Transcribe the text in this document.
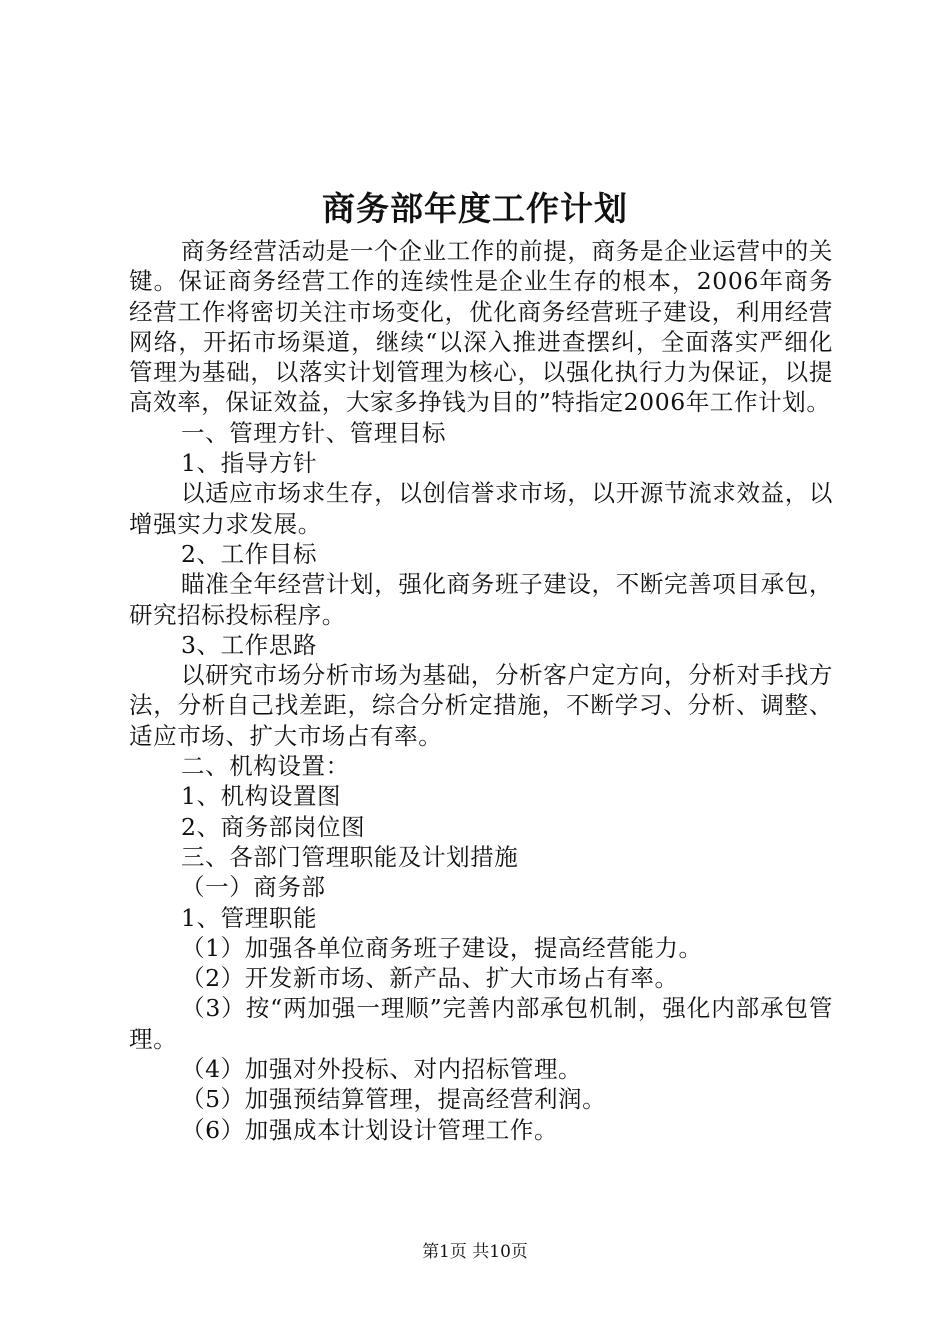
商务部年度工作计划

商务经营活动是一个企业工作的前提，商务是企业运营中的关键。保证商务经营工作的连续性是企业生存的根本，2006年商务经营工作将密切关注市场变化，优化商务经营班子建设，利用经营网络，开拓市场渠道，继续“以深入推进查摆纠，全面落实严细化管理为基础，以落实计划管理为核心，以强化执行力为保证，以提高效率，保证效益，大家多挣钱为目的”特指定2006年工作计划。

一、管理方针、管理目标

1、指导方针

以适应市场求生存，以创信誉求市场，以开源节流求效益，以增强实力求发展。

2、工作目标

瞄准全年经营计划，强化商务班子建设，不断完善项目承包，研究招标投标程序。

3、工作思路

以研究市场分析市场为基础，分析客户定方向，分析对手找方法，分析自己找差距，综合分析定措施，不断学习、分析、调整、适应市场、扩大市场占有率。

二、机构设置：

1、机构设置图

2、商务部岗位图

三、各部门管理职能及计划措施

（一）商务部

1、管理职能

（1）加强各单位商务班子建设，提高经营能力。

（2）开发新市场、新产品、扩大市场占有率。

（3）按“两加强一理顺”完善内部承包机制，强化内部承包管理。

（4）加强对外投标、对内招标管理。

（5）加强预结算管理，提高经营利润。

（6）加强成本计划设计管理工作。

第1页 共10页
